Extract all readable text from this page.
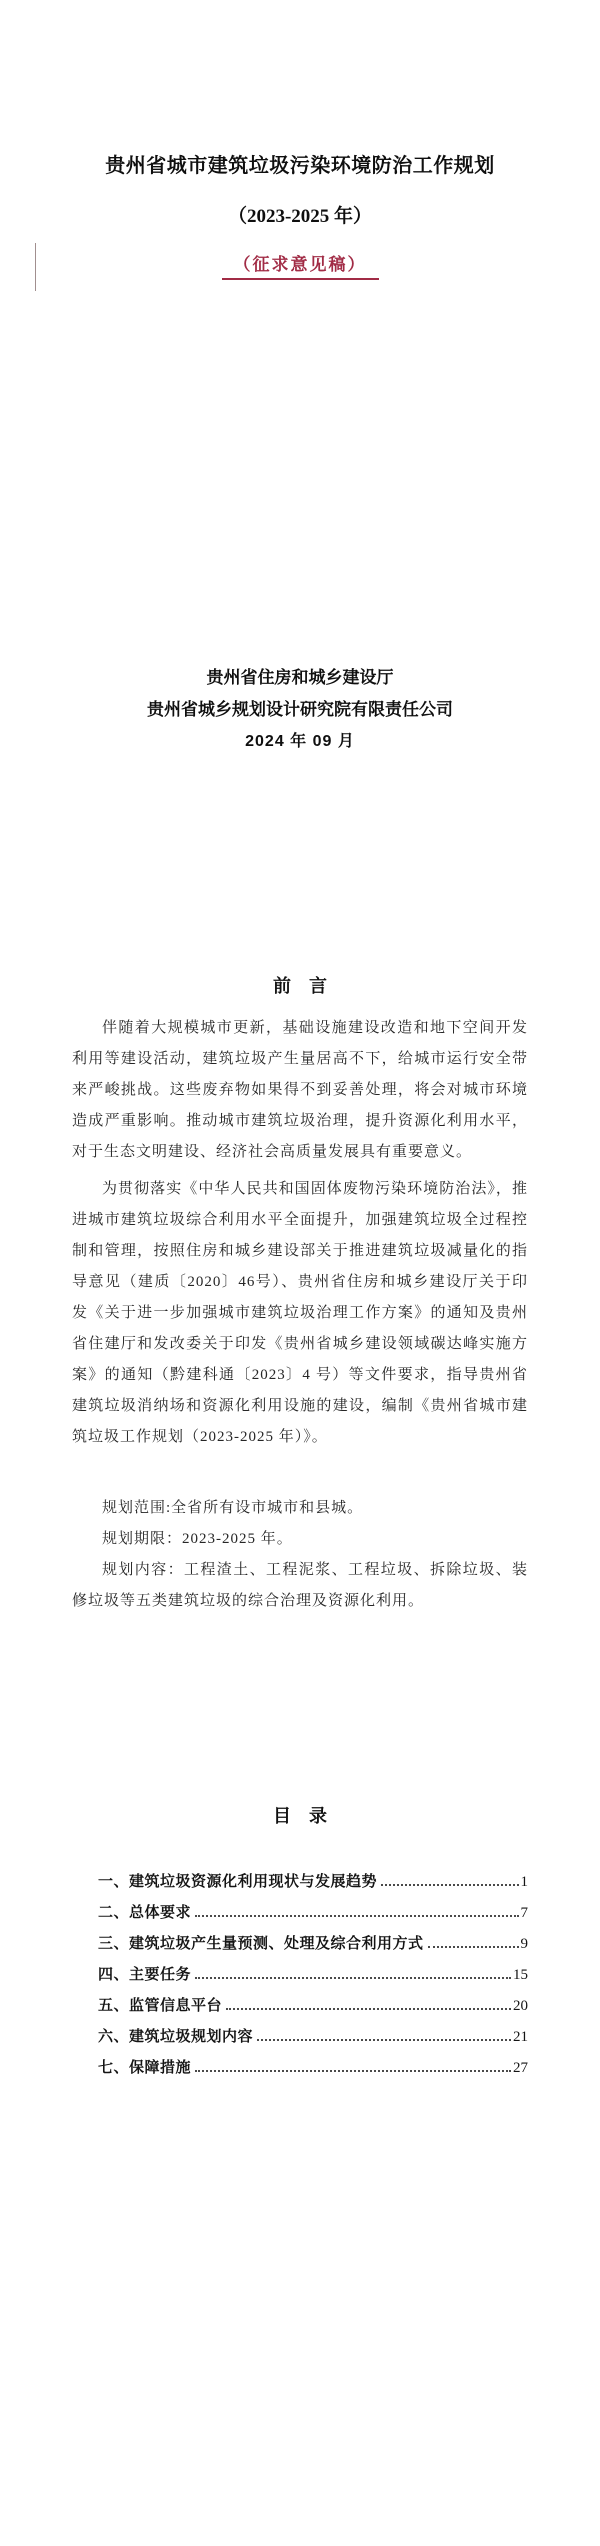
贵州省城市建筑垃圾污染环境防治工作规划
（2023-2025 年）
（征求意见稿）
贵州省住房和城乡建设厅
贵州省城乡规划设计研究院有限责任公司
2024 年 09 月
前　言

伴随着大规模城市更新，基础设施建设改造和地下空间开发利用等建设活动，建筑垃圾产生量居高不下，给城市运行安全带来严峻挑战。这些废弃物如果得不到妥善处理，将会对城市环境造成严重影响。推动城市建筑垃圾治理，提升资源化利用水平，对于生态文明建设、经济社会高质量发展具有重要意义。

为贯彻落实《中华人民共和国固体废物污染环境防治法》，推进城市建筑垃圾综合利用水平全面提升，加强建筑垃圾全过程控制和管理，按照住房和城乡建设部关于推进建筑垃圾减量化的指导意见（建质〔2020〕46号）、贵州省住房和城乡建设厅关于印发《关于进一步加强城市建筑垃圾治理工作方案》的通知及贵州省住建厅和发改委关于印发《贵州省城乡建设领域碳达峰实施方案》的通知（黔建科通〔2023〕4 号）等文件要求，指导贵州省建筑垃圾消纳场和资源化利用设施的建设，编制《贵州省城市建筑垃圾工作规划（2023-2025 年）》。

规划范围:全省所有设市城市和县城。

规划期限：2023-2025 年。

规划内容：工程渣土、工程泥浆、工程垃圾、拆除垃圾、装修垃圾等五类建筑垃圾的综合治理及资源化利用。

目　录
一、建筑垃圾资源化利用现状与发展趋势	1
二、总体要求	7
三、建筑垃圾产生量预测、处理及综合利用方式	9
四、主要任务	15
五、监管信息平台	20
六、建筑垃圾规划内容	21
七、保障措施	27
